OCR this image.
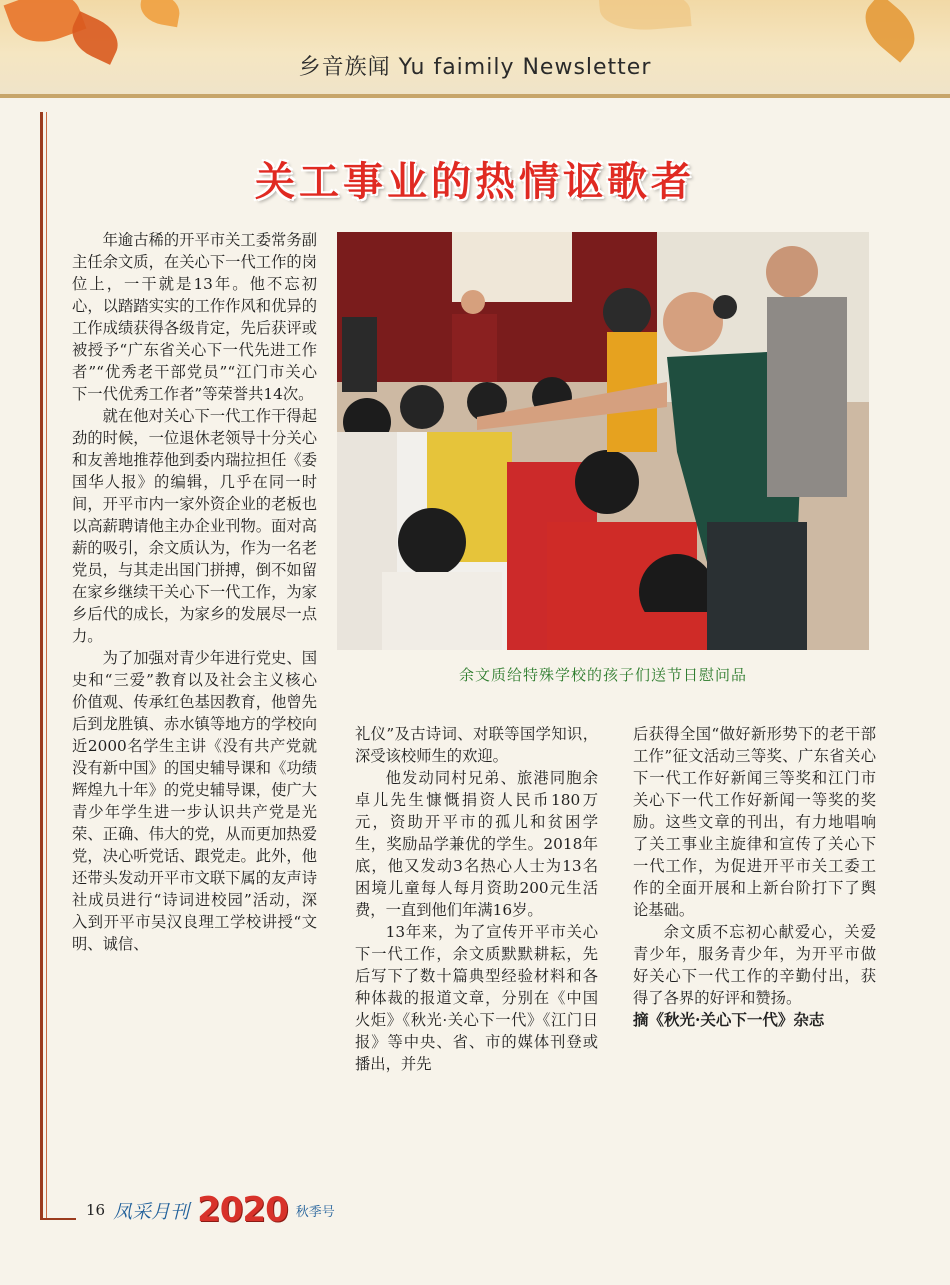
乡音族闻 Yu faimily Newsletter
关工事业的热情讴歌者

年逾古稀的开平市关工委常务副主任余文质，在关心下一代工作的岗位上，一干就是13年。他不忘初心，以踏踏实实的工作作风和优异的工作成绩获得各级肯定，先后获评或被授予“广东省关心下一代先进工作者”“优秀老干部党员”“江门市关心下一代优秀工作者”等荣誉共14次。

就在他对关心下一代工作干得起劲的时候，一位退休老领导十分关心和友善地推荐他到委内瑞拉担任《委国华人报》的编辑，几乎在同一时间，开平市内一家外资企业的老板也以高薪聘请他主办企业刊物。面对高薪的吸引，余文质认为，作为一名老党员，与其走出国门拼搏，倒不如留在家乡继续干关心下一代工作，为家乡后代的成长，为家乡的发展尽一点力。

为了加强对青少年进行党史、国史和“三爱”教育以及社会主义核心价值观、传承红色基因教育，他曾先后到龙胜镇、赤水镇等地方的学校向近2000名学生主讲《没有共产党就没有新中国》的国史辅导课和《功绩辉煌九十年》的党史辅导课，使广大青少年学生进一步认识共产党是光荣、正确、伟大的党，从而更加热爱党，决心听党话、跟党走。此外，他还带头发动开平市文联下属的友声诗社成员进行“诗词进校园”活动，深入到开平市吴汉良理工学校讲授“文明、诚信、

余文质给特殊学校的孩子们送节日慰问品

礼仪”及古诗词、对联等国学知识，深受该校师生的欢迎。

他发动同村兄弟、旅港同胞余卓儿先生慷慨捐资人民币180万元，资助开平市的孤儿和贫困学生，奖励品学兼优的学生。2018年底，他又发动3名热心人士为13名困境儿童每人每月资助200元生活费，一直到他们年满16岁。

13年来，为了宣传开平市关心下一代工作，余文质默默耕耘，先后写下了数十篇典型经验材料和各种体裁的报道文章，分别在《中国火炬》《秋光·关心下一代》《江门日报》等中央、省、市的媒体刊登或播出，并先

后获得全国“做好新形势下的老干部工作”征文活动三等奖、广东省关心下一代工作好新闻三等奖和江门市关心下一代工作好新闻一等奖的奖励。这些文章的刊出，有力地唱响了关工事业主旋律和宣传了关心下一代工作，为促进开平市关工委工作的全面开展和上新台阶打下了舆论基础。

余文质不忘初心献爱心，关爱青少年，服务青少年，为开平市做好关心下一代工作的辛勤付出，获得了各界的好评和赞扬。

摘《秋光·关心下一代》杂志

16 凤采月刊 2020 秋季号
